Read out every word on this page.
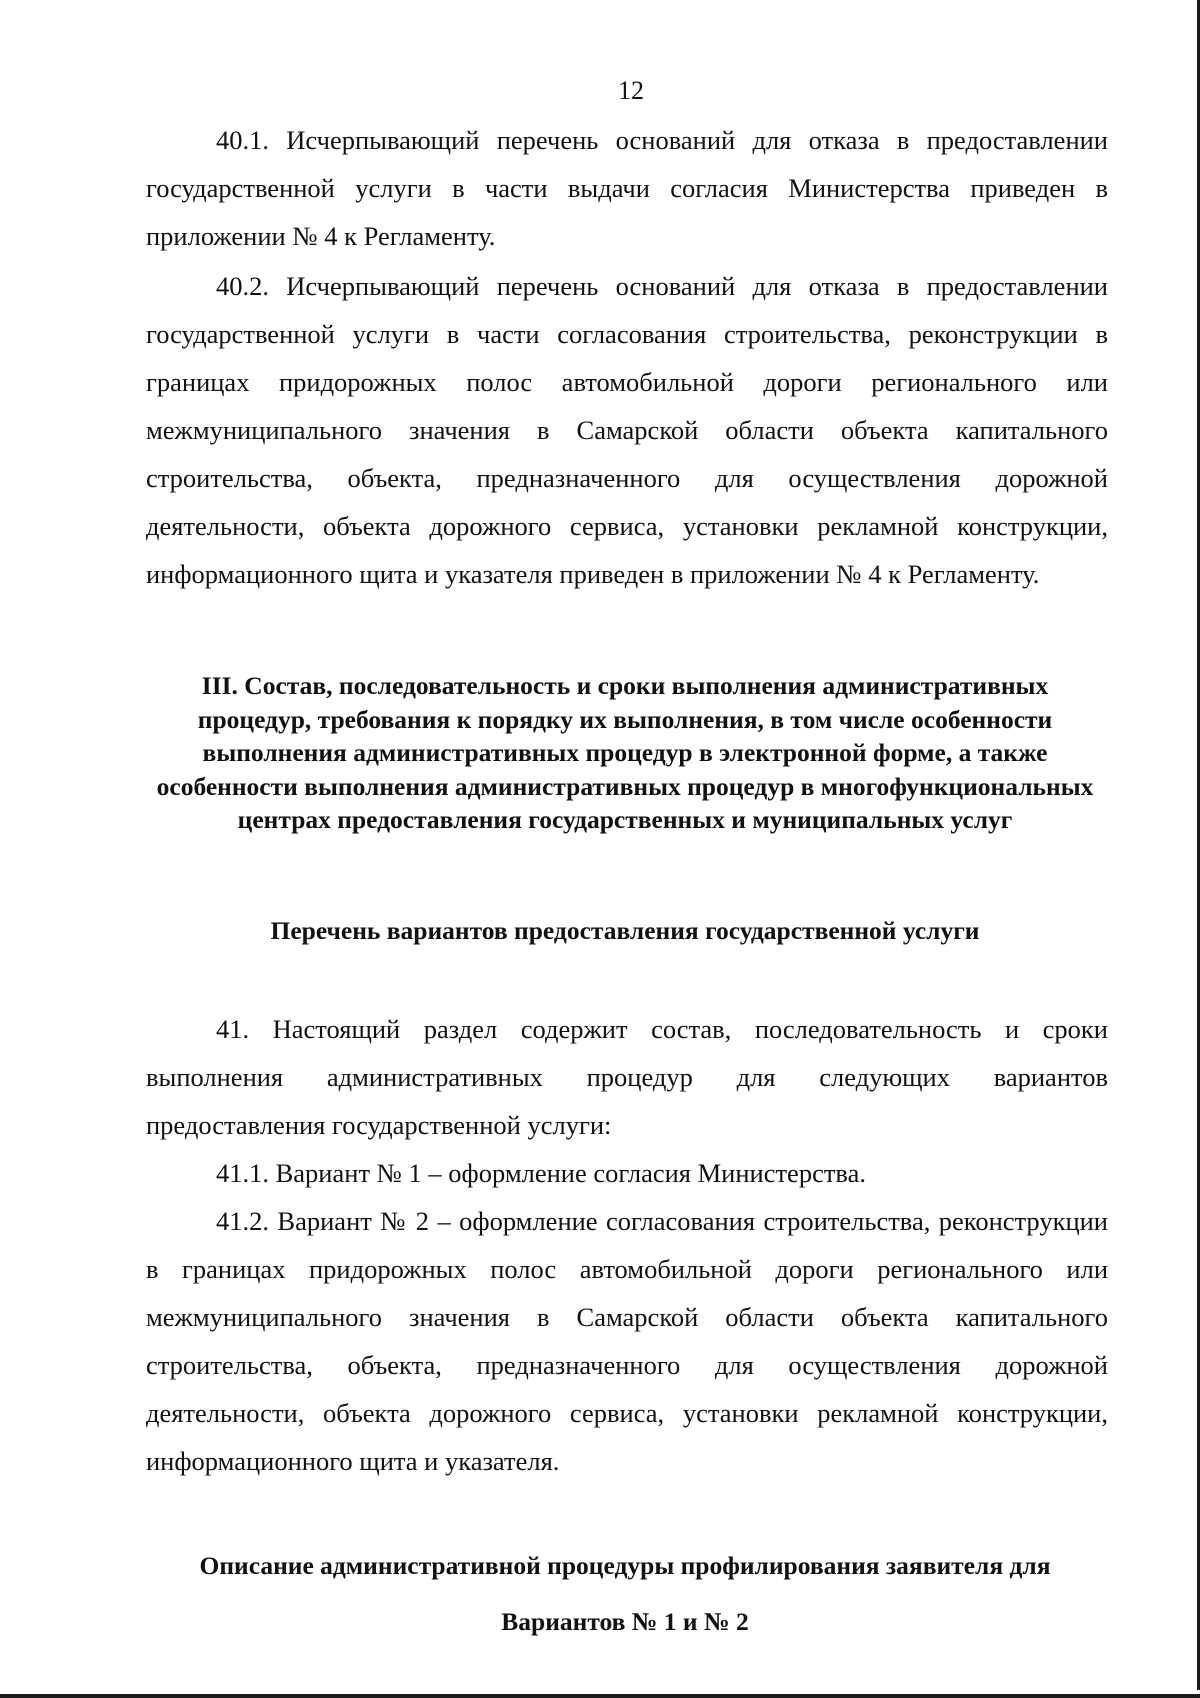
12

40.1. Исчерпывающий перечень оснований для отказа в предоставлении государственной услуги в части выдачи согласия Министерства приведен в приложении № 4 к Регламенту.

40.2. Исчерпывающий перечень оснований для отказа в предоставлении государственной услуги в части согласования строительства, реконструкции в границах придорожных полос автомобильной дороги регионального или межмуниципального значения в Самарской области объекта капитального строительства, объекта, предназначенного для осуществления дорожной деятельности, объекта дорожного сервиса, установки рекламной конструкции, информационного щита и указателя приведен в приложении № 4 к Регламенту.

III. Состав, последовательность и сроки выполнения административных процедур, требования к порядку их выполнения, в том числе особенности выполнения административных процедур в электронной форме, а также особенности выполнения административных процедур в многофункциональных центрах предоставления государственных и муниципальных услуг
Перечень вариантов предоставления государственной услуги

41. Настоящий раздел содержит состав, последовательность и сроки выполнения административных процедур для следующих вариантов предоставления государственной услуги:

41.1. Вариант № 1 – оформление согласия Министерства.

41.2. Вариант № 2 – оформление согласования строительства, реконструкции в границах придорожных полос автомобильной дороги регионального или межмуниципального значения в Самарской области объекта капитального строительства, объекта, предназначенного для осуществления дорожной деятельности, объекта дорожного сервиса, установки рекламной конструкции, информационного щита и указателя.

Описание административной процедуры профилирования заявителя для Вариантов № 1 и № 2
